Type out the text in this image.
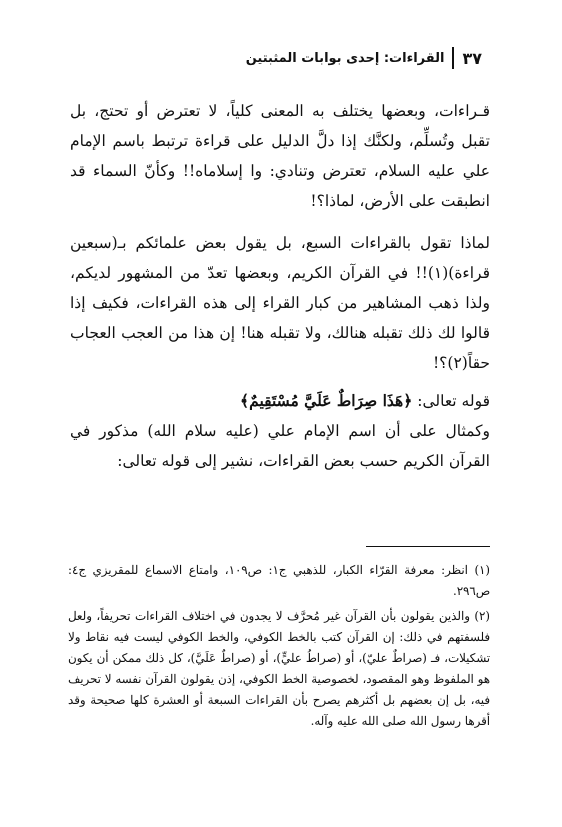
٣٧
القراءات: إحدى بوابات المثبتين

قـراءات، وبعضها يختلف به المعنى كلياً، لا تعترض أو تحتج، بل تقبل وتُسلِّم، ولكنَّك إذا دلَّ الدليل على قراءة ترتبط باسم الإمام علي عليه السلام، تعترض وتنادي: وا إسلاماه!! وكأنّ السماء قد انطبقت على الأرض، لماذا؟!

لماذا تقول بالقراءات السبع، بل يقول بعض علمائكم بـ(سبعين قراءة)(١)!! في القرآن الكريم، وبعضها تعدّ من المشهور لديكم، ولذا ذهب المشاهير من كبار القراء إلى هذه القراءات، فكيف إذا قالوا لك ذلك تقبله هنالك، ولا تقبله هنا! إن هذا من العجب العجاب حقاً(٢)؟!

قوله تعالى: ﴿هَذَا صِرَاطٌ عَلَيَّ مُسْتَقِيمٌ﴾

وكمثال على أن اسم الإمام علي (عليه سلام الله) مذكور في القرآن الكريم حسب بعض القراءات، نشير إلى قوله تعالى:

(١) انظر: معرفة القرّاء الكبار، للذهبي ج١: ص١٠٩، وامتاع الاسماع للمقريزي ج٤: ص٢٩٦.

(٢) والذين يقولون بأن القرآن غير مُحرَّف لا يجدون في اختلاف القراءات تحريفاً، ولعل فلسفتهم في ذلك: إن القرآن كتب بالخط الكوفي، والخط الكوفي ليست فيه نقاط ولا تشكيلات، فـ (صراطٌ عليّ)، أو (صراطُ عليٍّ)، أو (صراطٌ عَلَيَّ)، كل ذلك ممكن أن يكون هو الملفوظ وهو المقصود، لخصوصية الخط الكوفي، إذن يقولون القرآن نفسه لا تحريف فيه، بل إن بعضهم بل أكثرهم يصرح بأن القراءات السبعة أو العشرة كلها صحيحة وقد أقرها رسول الله صلى الله عليه وآله.
